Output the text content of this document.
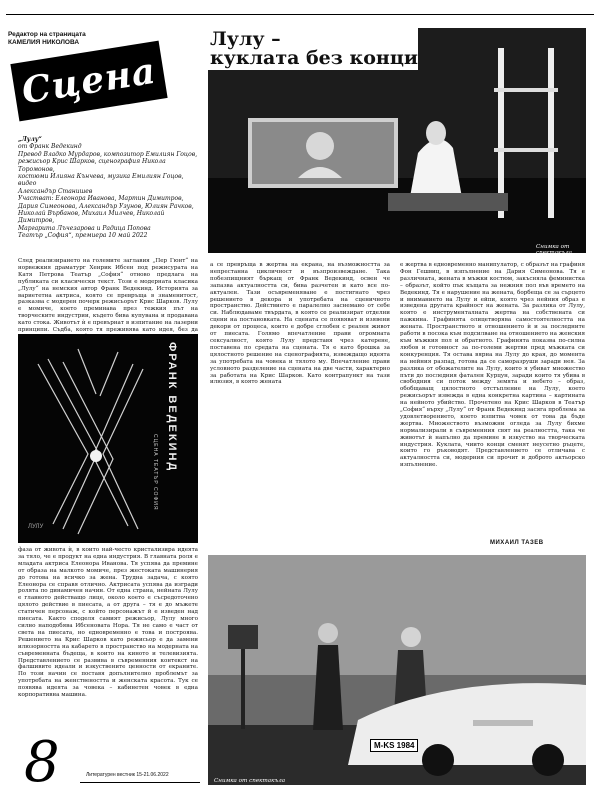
Редактор на страницата
КАМЕЛИЯ НИКОЛОВА
Сцена
„Лулу“
от Франк Ведекинд
Превод Владко Мурдаров, композитор Емилиян Гоцов,
режисьор Крис Шарков, сценография Никола Торомонов,
костюми Илияна Кънчева, музика Емилиян Гоцов, видео
Александър Станишев
Участват: Елеонора Иванова, Мартин Димитров,
Дария Симеонова, Александър Узунов, Юлиян Рачков,
Николай Върбанов, Михаил Милчев, Николай Димитров,
Маргарита Лъчезарова и Радица Попова
Театър „София“, премиера 10 май 2022

След реализирането на големите заглавия „Пер Гюнт“ на норвежкия драматург Хенрик Ибсен под режисурата на Катя Петрова Театър „София“ отново предлага на публиката си класически текст. Този е модерната класика „Лулу“ на немския автор Франк Ведекинд. Историята за вариететна актриса, която се превръща в знаменитост, разказва с модерен почерк режисьорът Крис Шарков. Лулу е момиче, което преминава през тежкия път на творческите индустрии, където бива купувана и продавана като стока. Животът ѝ е превърнат в изпитание на лазерни принципи. Съдба, която тя преживява като идея, без да

ФРАНК ВЕДЕКИНД
СЦЕНА ТЕАТЪР СОФИЯ
ЛУЛУ

фаза от живота ѝ, в които най-често кристализира идеята за тяло, че е продукт на една индустрия. В главната роля е младата актриса Елеонора Иванова. Тя успява да премине от образа на малкото момиче, през жестоката машинерия до готова на всичко за жена. Трудна задача, с която Елеонора се справя отлично. Актрисата успява да изгради ролята по динамичен начин. От една страна, нейната Лулу е главното действащо лице, около което е съсредоточено цялото действие в пиесата, а от друга – тя е до мъжете статичен персонаж, с който персонажът й е изведен над пиесата. Както споделя самият режисьор, Лулу много силно наподобява Ибсеновата Нора. Тя не само е част от света на пиесата, но едновременно е това и построява. Решението на Крис Шарков като режисьор е да замени илюзорността на кабарето в пространство на модерната на съвременната бъдеща, в които на киното и телевизията. Представлението се развива в съвременния контекст на фалшивите идеали и изкуствените ценности от екраните. По този начин се поставя допълнително проблемът за употребата на женствеността и женската красота. Тук се появява идеята за човека – кабинетен човек в една корпоративна машина.

Лулу –
куклата без конци
Снимка от спектакъла

а се превръща в жертва на екрана, на възможността за непрестанна цикличност и възпроизвеждане. Така побезпищният бъркащ от Франк Ведекинд, освен че запазва актуалността си, бива разчетен и като все по-актуален. Тази осъвременяване е постигнато чрез решението в декора и употребата на сценичното пространство. Действието е паралелно заснемано от себе си. Наблюдаваме твърдата, в която се реализират отделни сцени на постановката. На сцената се появяват и изявени декори от процеса, които е добре сглобен с реален живот от пиесата. Голямо впечатление прави огромната сексуалност, която Лулу представя чрез катерене, поставена по средата на сцената. Тя е като брошка за цялостното решение на сценографията, извеждащо идеята за употребата на човека и тялото му. Впечатление прави условното разделение на сцената на две части, характерно за работата на Крис Шарков. Като контрапункт на тази илюзия, в която жената

е жертва в едновременно манипулатор, с образът на графиня Фон Гешвиц, в изпълнение на Дария Симеонова. Тя е различната, жената в мъжки костюм, закъсняла феминистка – образът, който пък къщата за нежния пол във времето на Ведекинд. Тя е нарушение на жената, борбеща се за сърцето и вниманието на Лулу и ейпи, която чрез нейния образ е изведена другата крайност на жената. За разлика от Лулу, която е инструменталната жертва на собствената си пажкина. Графинята олицетворява самостоятелността на жената. Пространството и отношението ѝ и за последните работи в посока към подсилване на отношението на женския към мъжкия пол и обратното. Графинята показва по-силна любов и готовност за по-големи жертви пред мъжката си конкуренция. Тя остава вярна на Лулу до края, до момента на нейния разпад, готова да се саморазруши заради нея. За разлика от обожателите на Лулу, които я убиват множество пъти до последния фатален Курцун, заради които тя убива в свободния си поток между земята и небето – образ, обобщаващ цялостното отстъпление на Лулу, което режисьорът извежда в една конкретна картина – картината на нейното убийство. Прочетено на Крис Шарков в Театър „София“ върху „Лулу“ от Франк Ведекинд засяга проблема за удовлетворението, което изпитва човек от това да бъде жертва. Множеството възможни огледа за Лулу бихме нормализирали в съвременния свят на реалността, така че животът ѝ напълно да премине в изкуство на творческата индустрия. Куклата, чиито конци сменят неусетно ръцете, които го ръководят. Представлението се отличава с актуалността си, модерния си прочит и доброто актьорско изпълнение.

МИХАИЛ ТАЗЕВ
M-KS 1984
Снимка от спектакъла
8	Литературен вестник 15-21.06.2022
